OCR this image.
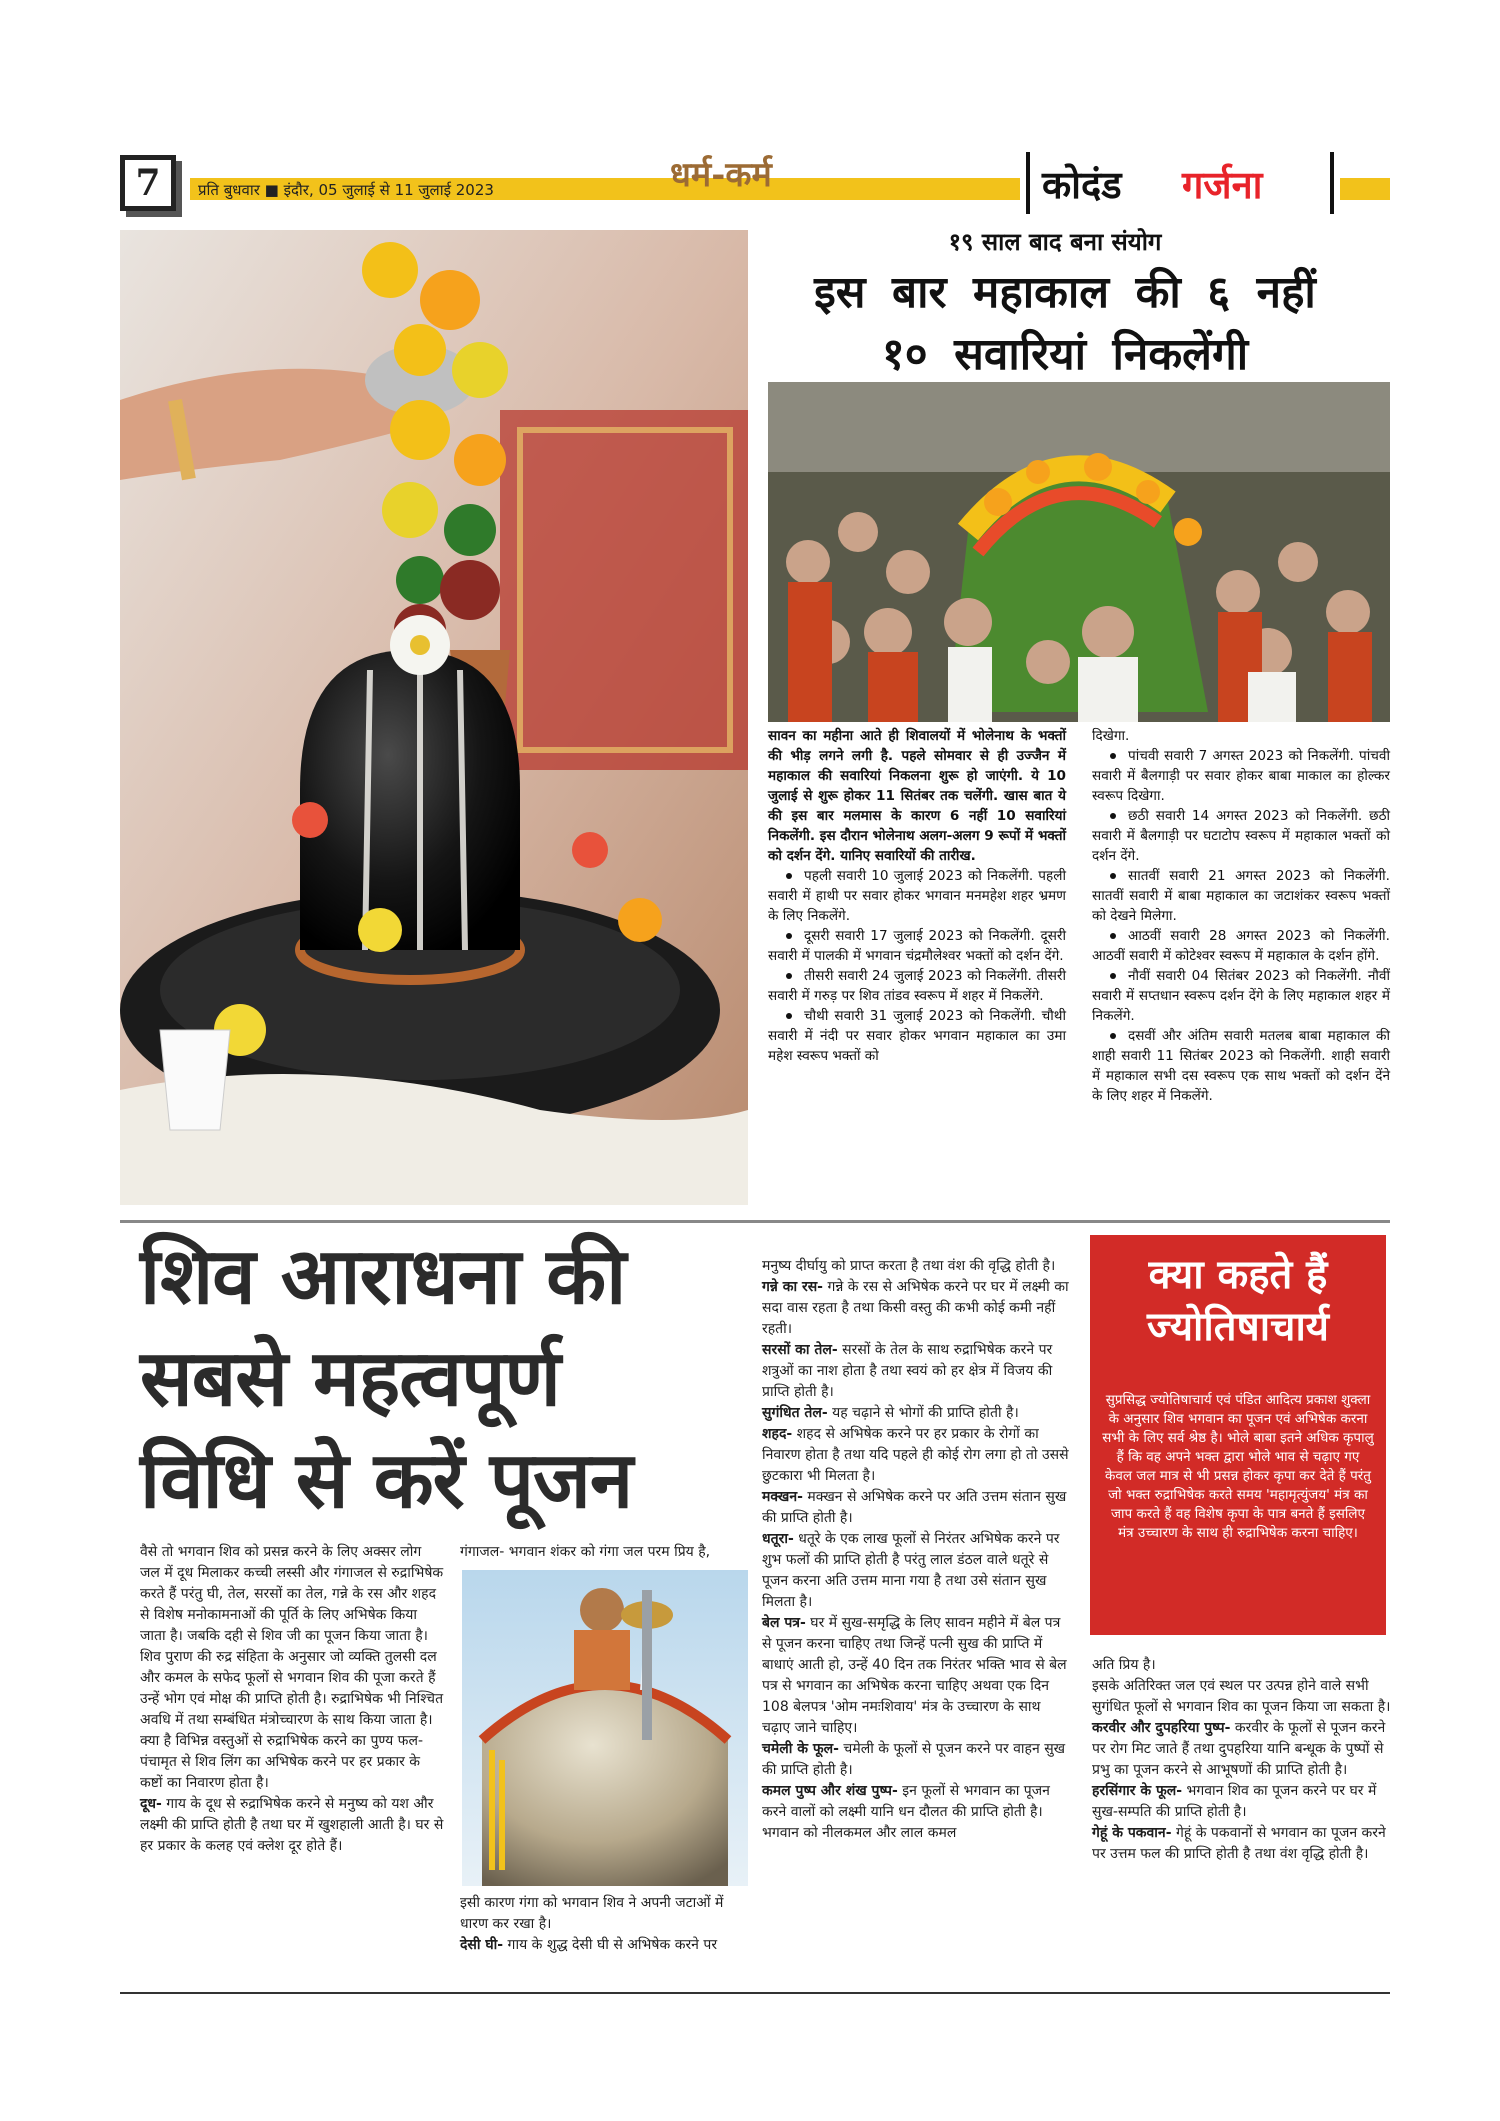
7	प्रति बुधवार ■ इंदौर, 05 जुलाई से 11 जुलाई 2023	धर्म-कर्म	कोदंड गर्जना
१९ साल बाद बना संयोग
इस बार महाकाल की ६ नहीं
१० सवारियां निकलेंगी

सावन का महीना आते ही शिवालयों में भोलेनाथ के भक्तों की भीड़ लगने लगी है. पहले सोमवार से ही उज्जैन में महाकाल की सवारियां निकलना शुरू हो जाएंगी. ये 10 जुलाई से शुरू होकर 11 सितंबर तक चलेंगी. खास बात ये की इस बार मलमास के कारण 6 नहीं 10 सवारियां निकलेंगी. इस दौरान भोलेनाथ अलग-अलग 9 रूपों में भक्तों को दर्शन देंगे. यानिए सवारियों की तारीख.

पहली सवारी 10 जुलाई 2023 को निकलेंगी. पहली सवारी में हाथी पर सवार होकर भगवान मनमहेश शहर भ्रमण के लिए निकलेंगे.

दूसरी सवारी 17 जुलाई 2023 को निकलेंगी. दूसरी सवारी में पालकी में भगवान चंद्रमौलेश्वर भक्तों को दर्शन देंगे.

तीसरी सवारी 24 जुलाई 2023 को निकलेंगी. तीसरी सवारी में गरुड़ पर शिव तांडव स्वरूप में शहर में निकलेंगे.

चौथी सवारी 31 जुलाई 2023 को निकलेंगी. चौथी सवारी में नंदी पर सवार होकर भगवान महाकाल का उमा महेश स्वरूप भक्तों को

दिखेगा.

पांचवी सवारी 7 अगस्त 2023 को निकलेंगी. पांचवी सवारी में बैलगाड़ी पर सवार होकर बाबा माकाल का होल्कर स्वरूप दिखेगा.

छठी सवारी 14 अगस्त 2023 को निकलेंगी. छठी सवारी में बैलगाड़ी पर घटाटोप स्वरूप में महाकाल भक्तों को दर्शन देंगे.

सातवीं सवारी 21 अगस्त 2023 को निकलेंगी. सातवीं सवारी में बाबा महाकाल का जटाशंकर स्वरूप भक्तों को देखने मिलेगा.

आठवीं सवारी 28 अगस्त 2023 को निकलेंगी. आठवीं सवारी में कोटेश्वर स्वरूप में महाकाल के दर्शन होंगे.

नौवीं सवारी 04 सितंबर 2023 को निकलेंगी. नौवीं सवारी में सप्तधान स्वरूप दर्शन देंगे के लिए महाकाल शहर में निकलेंगे.

दसवीं और अंतिम सवारी मतलब बाबा महाकाल की शाही सवारी 11 सितंबर 2023 को निकलेंगी. शाही सवारी में महाकाल सभी दस स्वरूप एक साथ भक्तों को दर्शन देंने के लिए शहर में निकलेंगे.

शिव आराधना की
सबसे महत्वपूर्ण
विधि से करें पूजन

वैसे तो भगवान शिव को प्रसन्न करने के लिए अक्सर लोग जल में दूध मिलाकर कच्ची लस्सी और गंगाजल से रुद्राभिषेक करते हैं परंतु घी, तेल, सरसों का तेल, गन्ने के रस और शहद से विशेष मनोकामनाओं की पूर्ति के लिए अभिषेक किया जाता है। जबकि दही से शिव जी का पूजन किया जाता है। शिव पुराण की रुद्र संहिता के अनुसार जो व्यक्ति तुलसी दल और कमल के सफेद फूलों से भगवान शिव की पूजा करते हैं उन्हें भोग एवं मोक्ष की प्राप्ति होती है। रुद्राभिषेक भी निश्चित अवधि में तथा सम्बंधित मंत्रोच्चारण के साथ किया जाता है। क्या है विभिन्न वस्तुओं से रुद्राभिषेक करने का पुण्य फल- पंचामृत से शिव लिंग का अभिषेक करने पर हर प्रकार के कष्टों का निवारण होता है।

दूध- गाय के दूध से रुद्राभिषेक करने से मनुष्य को यश और लक्ष्मी की प्राप्ति होती है तथा घर में खुशहाली आती है। घर से हर प्रकार के कलह एवं क्लेश दूर होते हैं।

गंगाजल- भगवान शंकर को गंगा जल परम प्रिय है,

इसी कारण गंगा को भगवान शिव ने अपनी जटाओं में धारण कर रखा है।

देसी घी- गाय के शुद्ध देसी घी से अभिषेक करने पर

मनुष्य दीर्घायु को प्राप्त करता है तथा वंश की वृद्धि होती है।

गन्ने का रस- गन्ने के रस से अभिषेक करने पर घर में लक्ष्मी का सदा वास रहता है तथा किसी वस्तु की कभी कोई कमी नहीं रहती।

सरसों का तेल- सरसों के तेल के साथ रुद्राभिषेक करने पर शत्रुओं का नाश होता है तथा स्वयं को हर क्षेत्र में विजय की प्राप्ति होती है।

सुगंधित तेल- यह चढ़ाने से भोगों की प्राप्ति होती है।

शहद- शहद से अभिषेक करने पर हर प्रकार के रोगों का निवारण होता है तथा यदि पहले ही कोई रोग लगा हो तो उससे छुटकारा भी मिलता है।

मक्खन- मक्खन से अभिषेक करने पर अति उत्तम संतान सुख की प्राप्ति होती है।

धतूरा- धतूरे के एक लाख फूलों से निरंतर अभिषेक करने पर शुभ फलों की प्राप्ति होती है परंतु लाल डंठल वाले धतूरे से पूजन करना अति उत्तम माना गया है तथा उसे संतान सुख मिलता है।

बेल पत्र- घर में सुख-समृद्धि के लिए सावन महीने में बेल पत्र से पूजन करना चाहिए तथा जिन्हें पत्नी सुख की प्राप्ति में बाधाएं आती हो, उन्हें 40 दिन तक निरंतर भक्ति भाव से बेल पत्र से भगवान का अभिषेक करना चाहिए अथवा एक दिन 108 बेलपत्र 'ओम नमःशिवाय' मंत्र के उच्चारण के साथ चढ़ाए जाने चाहिए।

चमेली के फूल- चमेली के फूलों से पूजन करने पर वाहन सुख की प्राप्ति होती है।

कमल पुष्प और शंख पुष्प- इन फूलों से भगवान का पूजन करने वालों को लक्ष्मी यानि धन दौलत की प्राप्ति होती है। भगवान को नीलकमल और लाल कमल

क्या कहते हैं
ज्योतिषाचार्य
सुप्रसिद्ध ज्योतिषाचार्य एवं पंडित आदित्य प्रकाश शुक्ला के अनुसार शिव भगवान का पूजन एवं अभिषेक करना सभी के लिए सर्व श्रेष्ठ है। भोले बाबा इतने अधिक कृपालु हैं कि वह अपने भक्त द्वारा भोले भाव से चढ़ाए गए केवल जल मात्र से भी प्रसन्न होकर कृपा कर देते हैं परंतु जो भक्त रुद्राभिषेक करते समय 'महामृत्युंजय' मंत्र का जाप करते हैं वह विशेष कृपा के पात्र बनते हैं इसलिए मंत्र उच्चारण के साथ ही रुद्राभिषेक करना चाहिए।

अति प्रिय है।

इसके अतिरिक्त जल एवं स्थल पर उत्पन्न होने वाले सभी सुगंधित फूलों से भगवान शिव का पूजन किया जा सकता है।

करवीर और दुपहरिया पुष्प- करवीर के फूलों से पूजन करने पर रोग मिट जाते हैं तथा दुपहरिया यानि बन्धूक के पुष्पों से प्रभु का पूजन करने से आभूषणों की प्राप्ति होती है।

हरसिंगार के फूल- भगवान शिव का पूजन करने पर घर में सुख-सम्पति की प्राप्ति होती है।

गेहूं के पकवान- गेहूं के पकवानों से भगवान का पूजन करने पर उत्तम फल की प्राप्ति होती है तथा वंश वृद्धि होती है।
